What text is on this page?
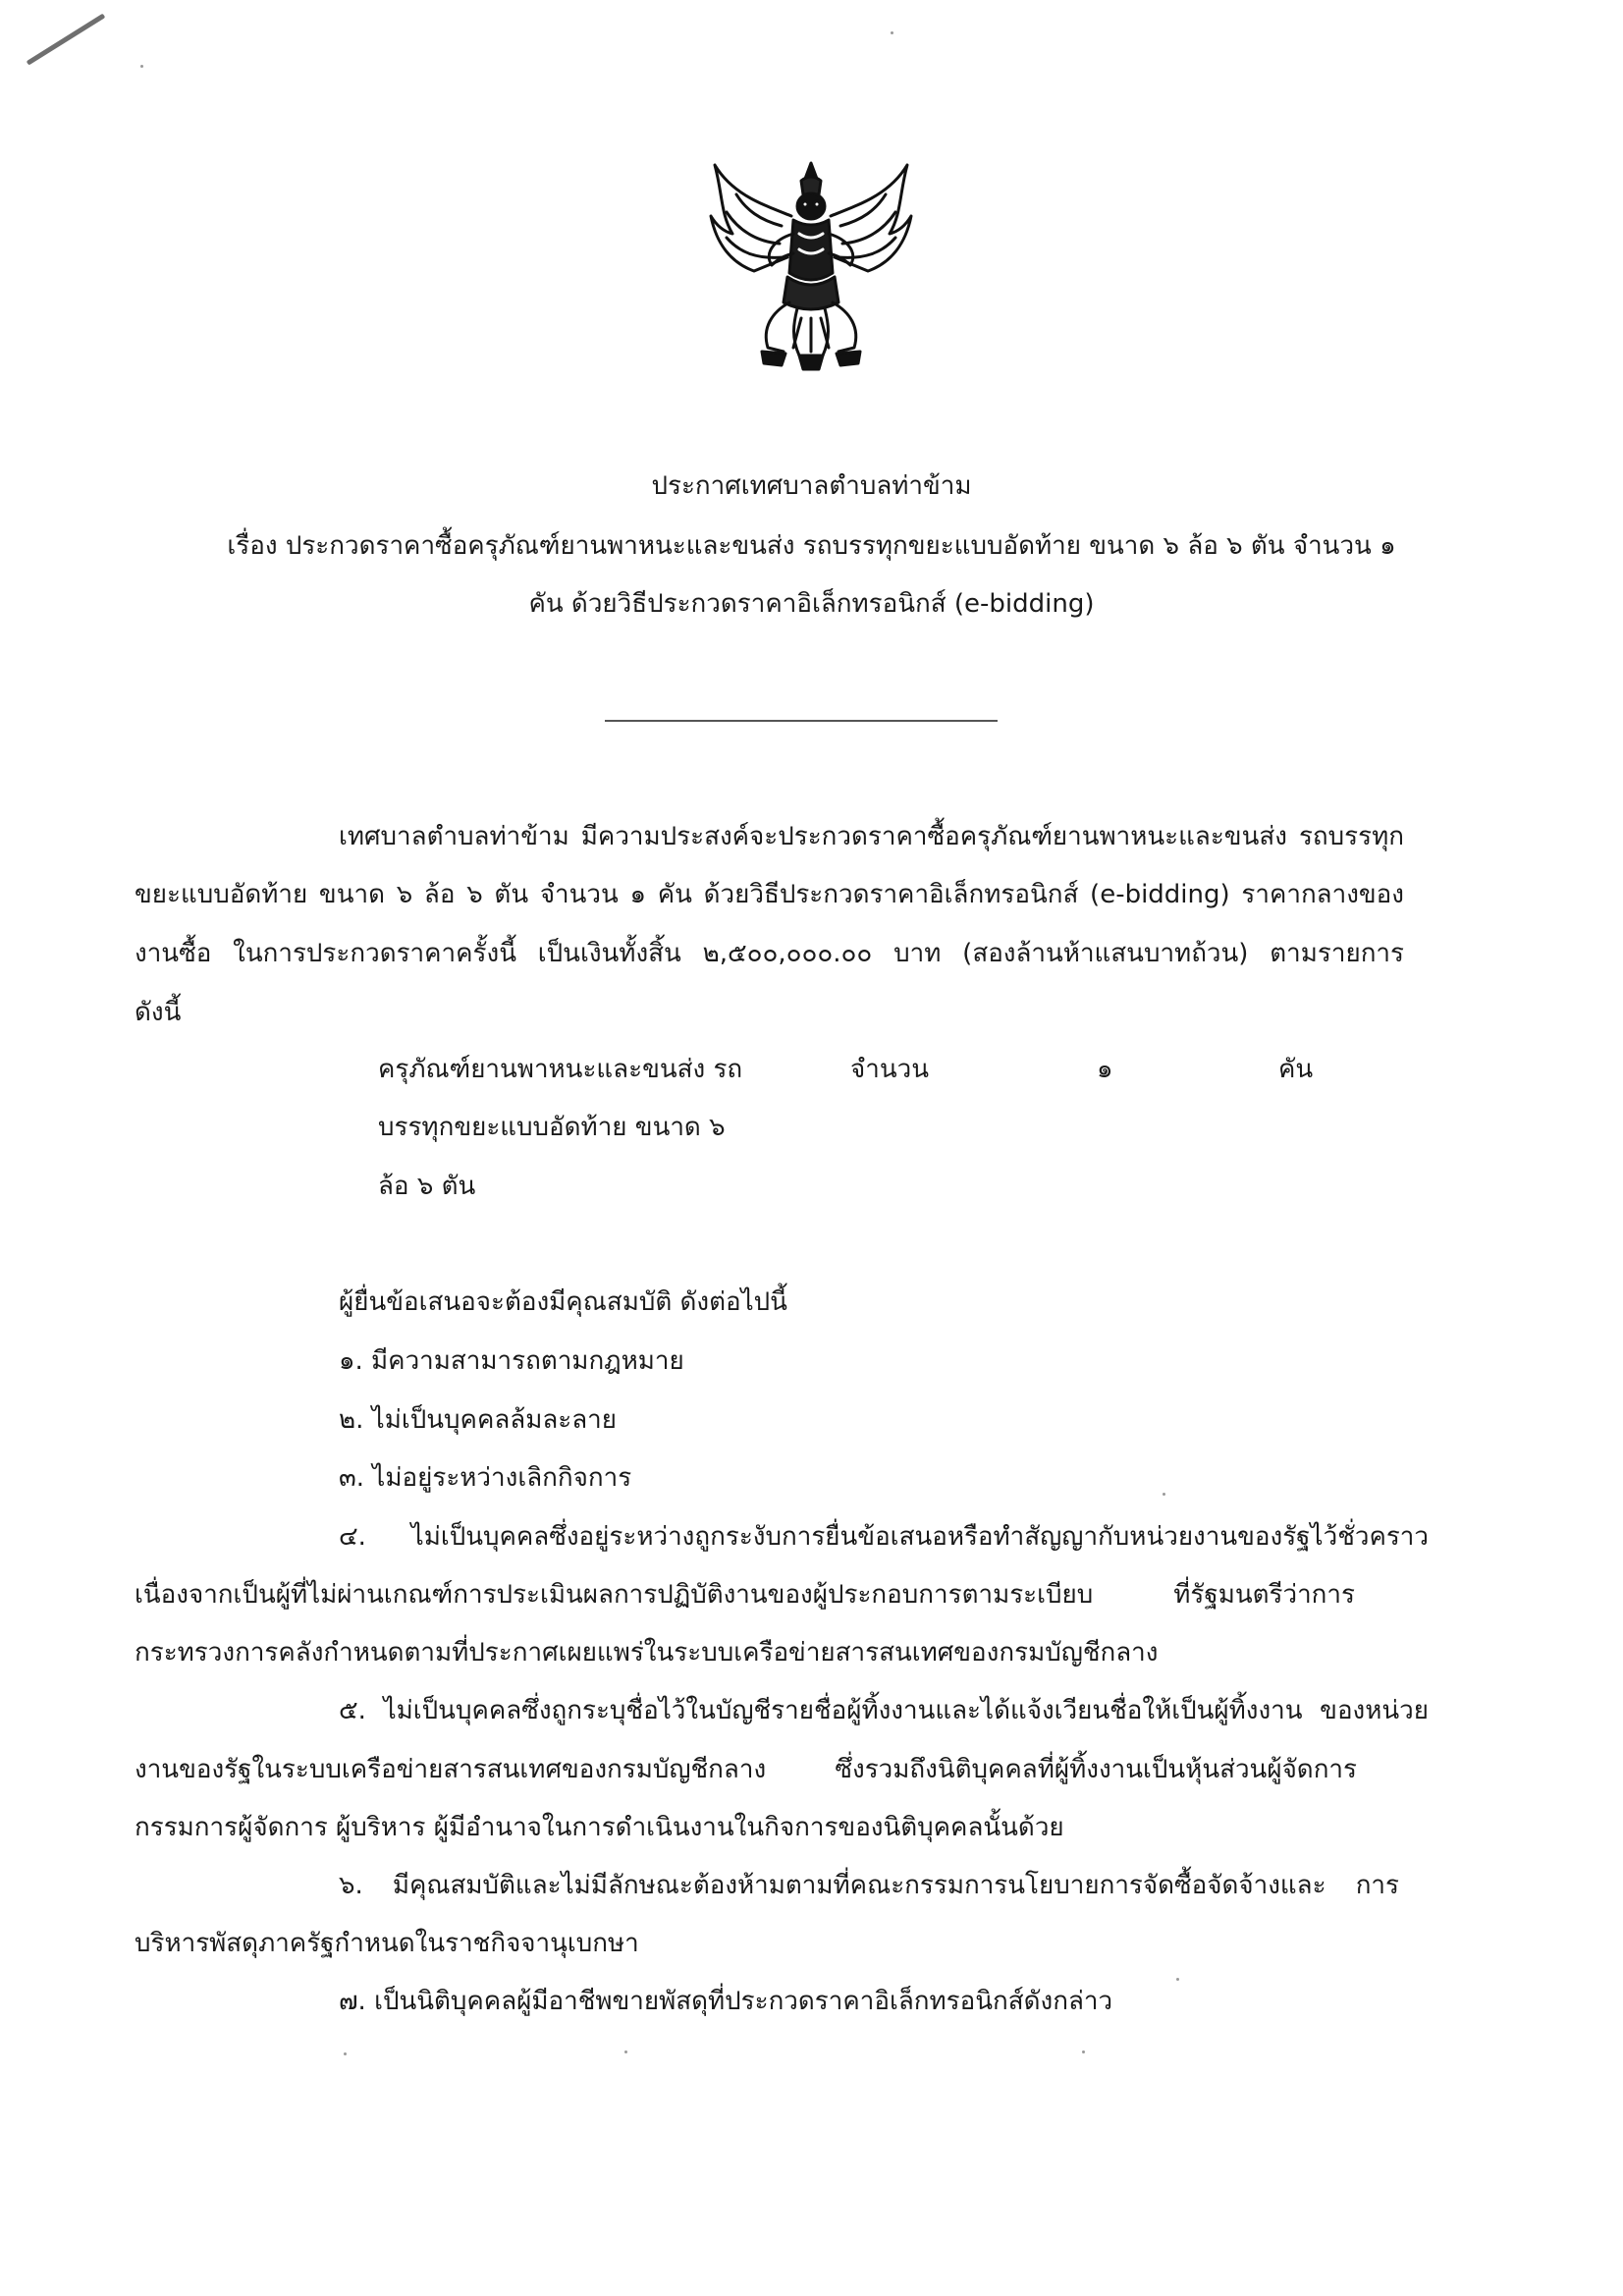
ประกาศเทศบาลตำบลท่าข้าม
เรื่อง ประกวดราคาซื้อครุภัณฑ์ยานพาหนะและขนส่ง รถบรรทุกขยะแบบอัดท้าย ขนาด ๖ ล้อ ๖ ตัน จำนวน ๑
คัน ด้วยวิธีประกวดราคาอิเล็กทรอนิกส์ (e-bidding)
เทศบาลตำบลท่าข้าม มีความประสงค์จะประกวดราคาซื้อครุภัณฑ์ยานพาหนะและขนส่ง รถบรรทุก
ขยะแบบอัดท้าย ขนาด ๖ ล้อ ๖ ตัน จำนวน ๑ คัน ด้วยวิธีประกวดราคาอิเล็กทรอนิกส์ (e-bidding) ราคากลางของ
งานซื้อ ในการประกวดราคาครั้งนี้ เป็นเงินทั้งสิ้น ๒,๕๐๐,๐๐๐.๐๐ บาท (สองล้านห้าแสนบาทถ้วน) ตามรายการ
ดังนี้
ครุภัณฑ์ยานพาหนะและขนส่ง รถ
บรรทุกขยะแบบอัดท้าย ขนาด ๖
ล้อ ๖ ตัน
จำนวน	๑	คัน
ผู้ยื่นข้อเสนอจะต้องมีคุณสมบัติ ดังต่อไปนี้
๑. มีความสามารถตามกฎหมาย
๒. ไม่เป็นบุคคลล้มละลาย
๓. ไม่อยู่ระหว่างเลิกกิจการ
๔. ไม่เป็นบุคคลซึ่งอยู่ระหว่างถูกระงับการยื่นข้อเสนอหรือทำสัญญากับหน่วยงานของรัฐไว้ชั่วคราว
เนื่องจากเป็นผู้ที่ไม่ผ่านเกณฑ์การประเมินผลการปฏิบัติงานของผู้ประกอบการตามระเบียบ ที่รัฐมนตรีว่าการ
กระทรวงการคลังกำหนดตามที่ประกาศเผยแพร่ในระบบเครือข่ายสารสนเทศของกรมบัญชีกลาง
๕. ไม่เป็นบุคคลซึ่งถูกระบุชื่อไว้ในบัญชีรายชื่อผู้ทิ้งงานและได้แจ้งเวียนชื่อให้เป็นผู้ทิ้งงาน ของหน่วย
งานของรัฐในระบบเครือข่ายสารสนเทศของกรมบัญชีกลาง ซึ่งรวมถึงนิติบุคคลที่ผู้ทิ้งงานเป็นหุ้นส่วนผู้จัดการ
กรรมการผู้จัดการ ผู้บริหาร ผู้มีอำนาจในการดำเนินงานในกิจการของนิติบุคคลนั้นด้วย
๖. มีคุณสมบัติและไม่มีลักษณะต้องห้ามตามที่คณะกรรมการนโยบายการจัดซื้อจัดจ้างและ การ
บริหารพัสดุภาครัฐกำหนดในราชกิจจานุเบกษา
๗. เป็นนิติบุคคลผู้มีอาชีพขายพัสดุที่ประกวดราคาอิเล็กทรอนิกส์ดังกล่าว
